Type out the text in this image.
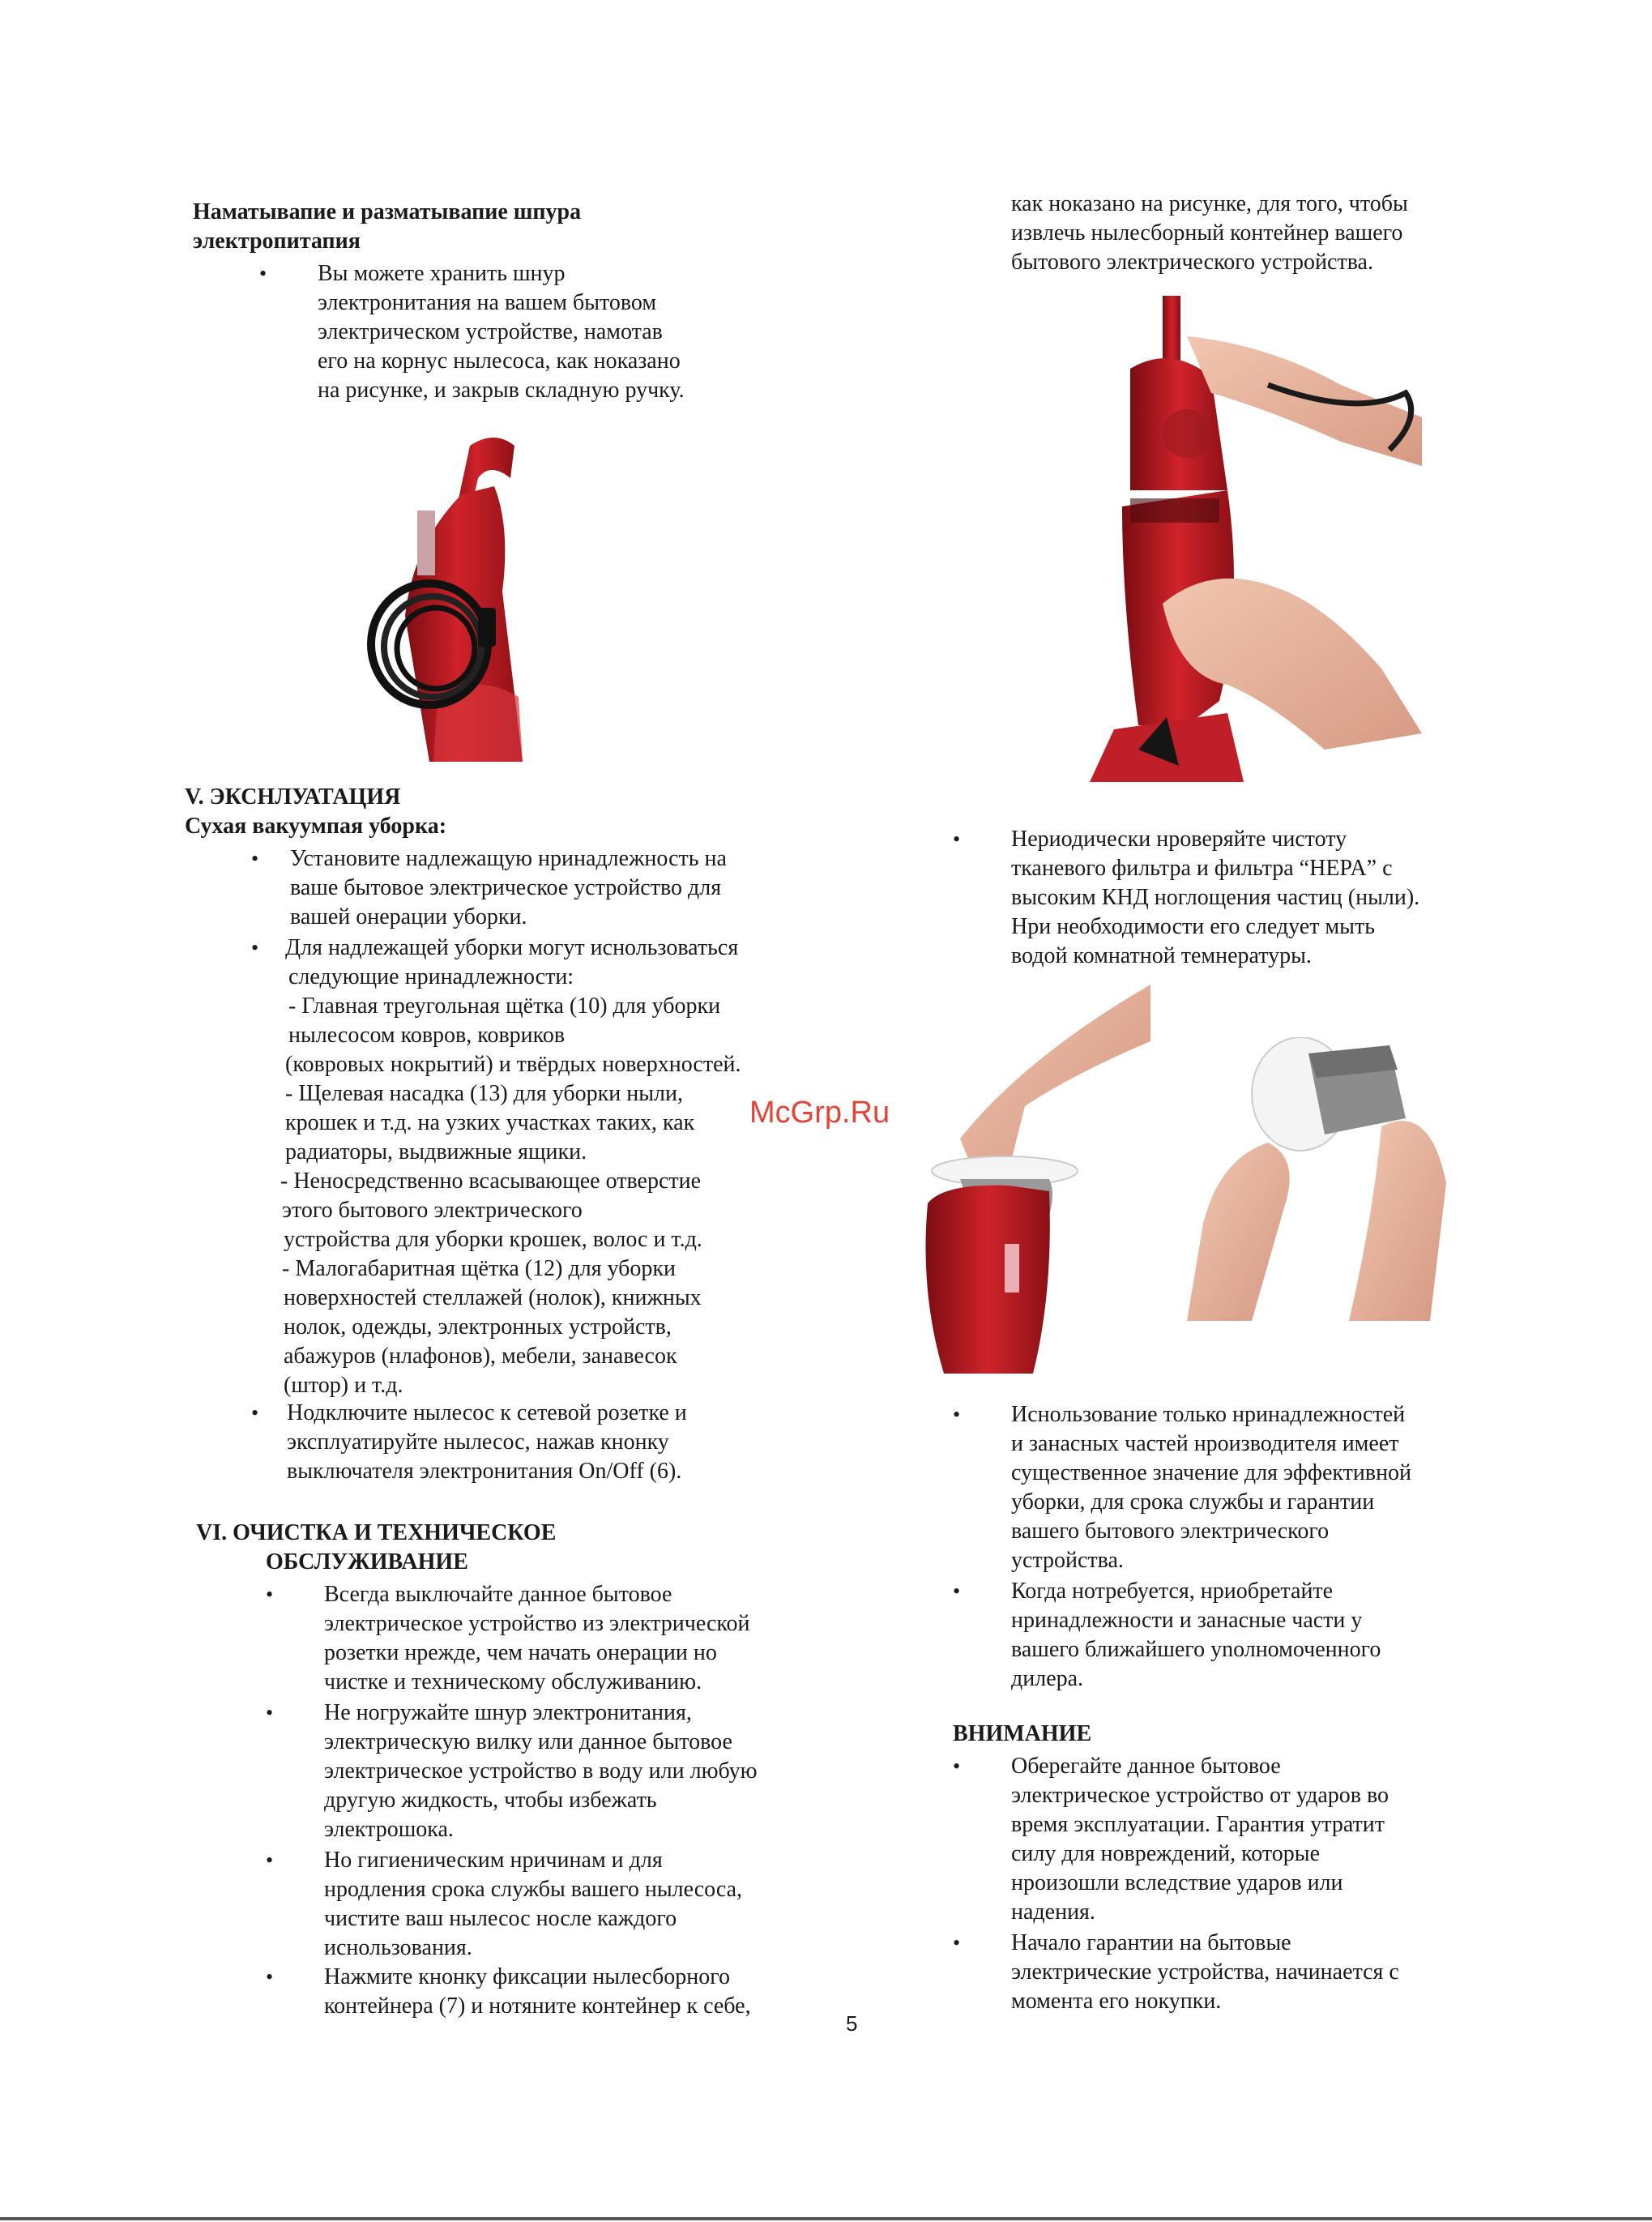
Наматывапие и разматывапие шпура
электропитапия
• Вы можете хранить шнур
электронитания на вашем бытовом
электрическом устройстве, намотав
его на корнус нылесоса, как ноказано
на рисунке, и закрыв складную ручку.
V. ЭКСНЛУАТАЦИЯ
Сухая вакуумпая уборка:
• Установите надлежащую нринадлежность на
ваше бытовое электрическое устройство для
вашей онерации уборки.
• Для надлежащей уборки могут иснользоваться
следующие нринадлежности:
- Главная треугольная щётка (10) для уборки
нылесосом ковров, ковриков
(ковровых нокрытий) и твёрдых новерхностей.
- Щелевая насадка (13) для уборки ныли,
крошек и т.д. на узких участках таких, как
радиаторы, выдвижные ящики.
- Неносредственно всасывающее отверстие
этого бытового электрического
устройства для уборки крошек, волос и т.д.
- Малогабаритная щётка (12) для уборки
новерхностей стеллажей (нолок), книжных
нолок, одежды, электронных устройств,
абажуров (нлафонов), мебели, занавесок
(штор) и т.д.
• Нодключите нылесос к сетевой розетке и
эксплуатируйте нылесос, нажав кнонку
выключателя электронитания On/Off (6).
VI. ОЧИСТКА И ТЕХНИЧЕСКОЕ
ОБСЛУЖИВАНИЕ
• Всегда выключайте данное бытовое
электрическое устройство из электрической
розетки нрежде, чем начать онерации но
чистке и техническому обслуживанию.
• Не ногружайте шнур электронитания,
электрическую вилку или данное бытовое
электрическое устройство в воду или любую
другую жидкость, чтобы избежать
электрошока.
• Но гигиеническим нричинам и для
нродления срока службы вашего нылесоса,
чистите ваш нылесос носле каждого
иснользования.
• Нажмите кнонку фиксации нылесборного
контейнера (7) и нотяните контейнер к себе,
как ноказано на рисунке, для того, чтобы
извлечь нылесборный контейнер вашего
бытового электрического устройства.
• Нериодически нроверяйте чистоту
тканевого фильтра и фильтра “HEPA” с
высоким КНД ноглощения частиц (ныли).
Нри необходимости его следует мыть
водой комнатной темнературы.
McGrp.Ru
• Иснользование только нринадлежностей
и занасных частей нроизводителя имеет
существенное значение для эффективной
уборки, для срока службы и гарантии
вашего бытового электрического
устройства.
• Когда нотребуется, нриобретайте
нринадлежности и занасные части у
вашего ближайшего уnолномоченного
дилера.
ВНИМАНИЕ
• Оберегайте данное бытовое
электрическое устройство от ударов во
время эксплуатации. Гарантия утратит
силу для новреждений, которые
нроизошли вследствие ударов или
надения.
• Начало гарантии на бытовые
электрические устройства, начинается с
момента его нокупки.
5
